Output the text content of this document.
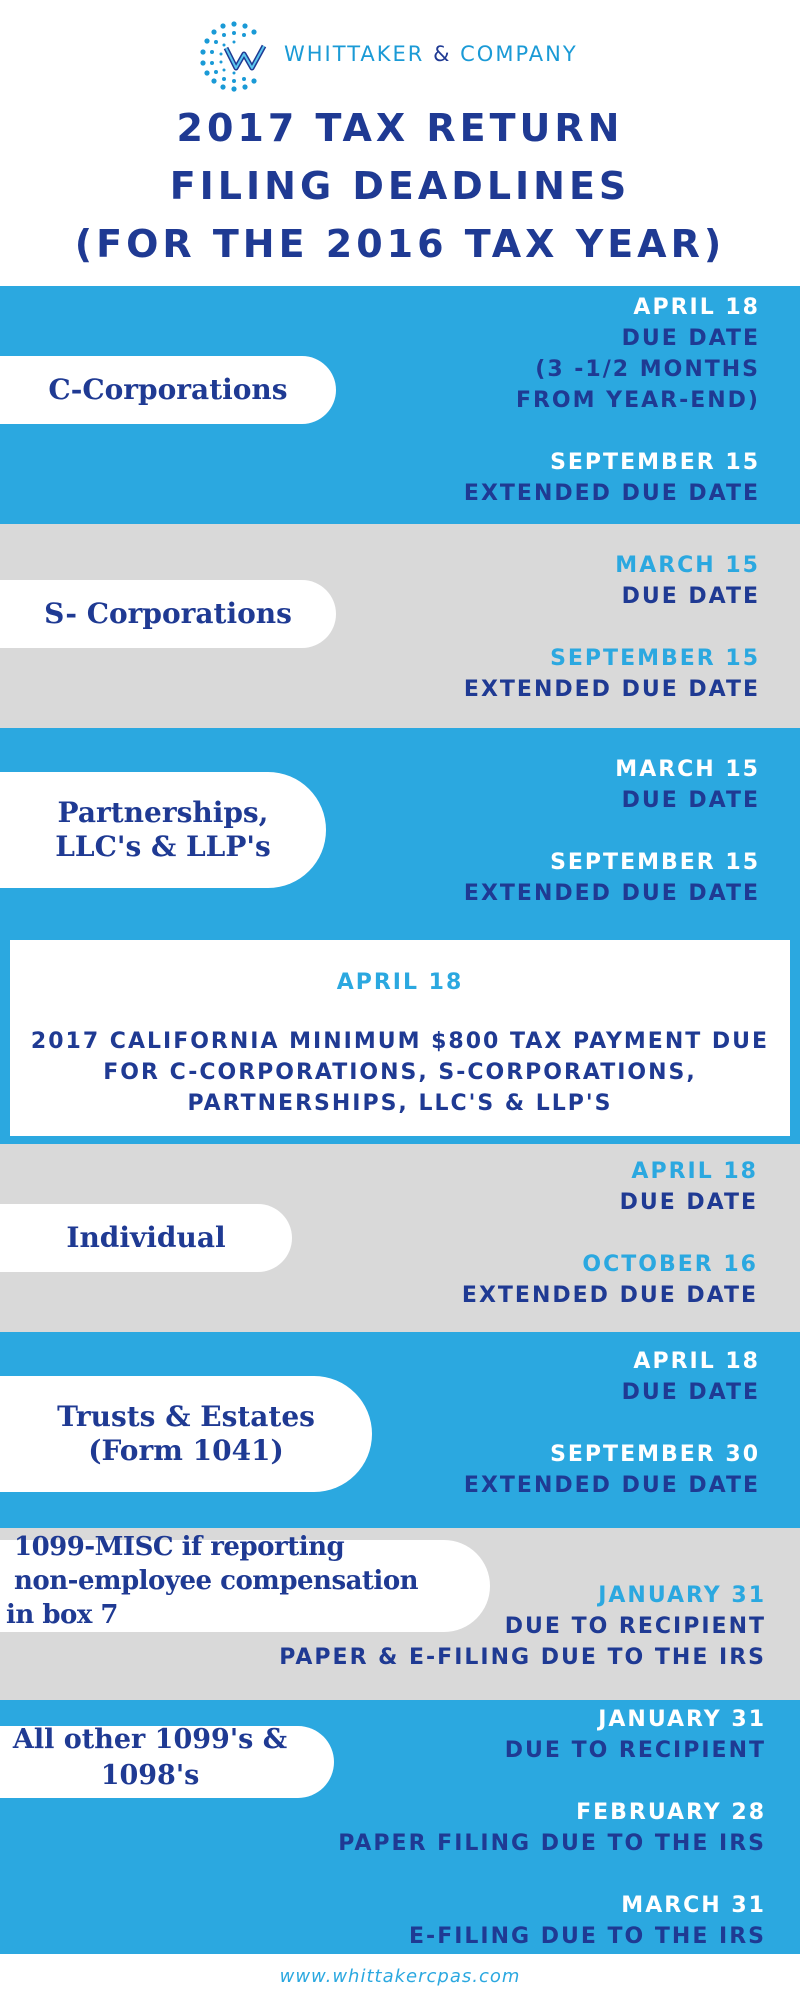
WHITTAKER & COMPANY
2017 TAX RETURN
FILING DEADLINES
(FOR THE 2016 TAX YEAR)
C-Corporations
APRIL 18
DUE DATE
(3 -1/2 MONTHS
FROM YEAR-END)
SEPTEMBER 15
EXTENDED DUE DATE
S- Corporations
MARCH 15
DUE DATE
SEPTEMBER 15
EXTENDED DUE DATE
Partnerships,
LLC's & LLP's
MARCH 15
DUE DATE
SEPTEMBER 15
EXTENDED DUE DATE
APRIL 18
2017 CALIFORNIA MINIMUM $800 TAX PAYMENT DUE
FOR C-CORPORATIONS, S-CORPORATIONS,
PARTNERSHIPS, LLC'S & LLP'S
Individual
APRIL 18
DUE DATE
OCTOBER 16
EXTENDED DUE DATE
Trusts & Estates
(Form 1041)
APRIL 18
DUE DATE
SEPTEMBER 30
EXTENDED DUE DATE
1099-MISC if reporting
non-employee compensation
in box 7
JANUARY 31
DUE TO RECIPIENT
PAPER & E-FILING DUE TO THE IRS
All other 1099's &
1098's
JANUARY 31
DUE TO RECIPIENT
FEBRUARY 28
PAPER FILING DUE TO THE IRS
MARCH 31
E-FILING DUE TO THE IRS
www.whittakercpas.com
